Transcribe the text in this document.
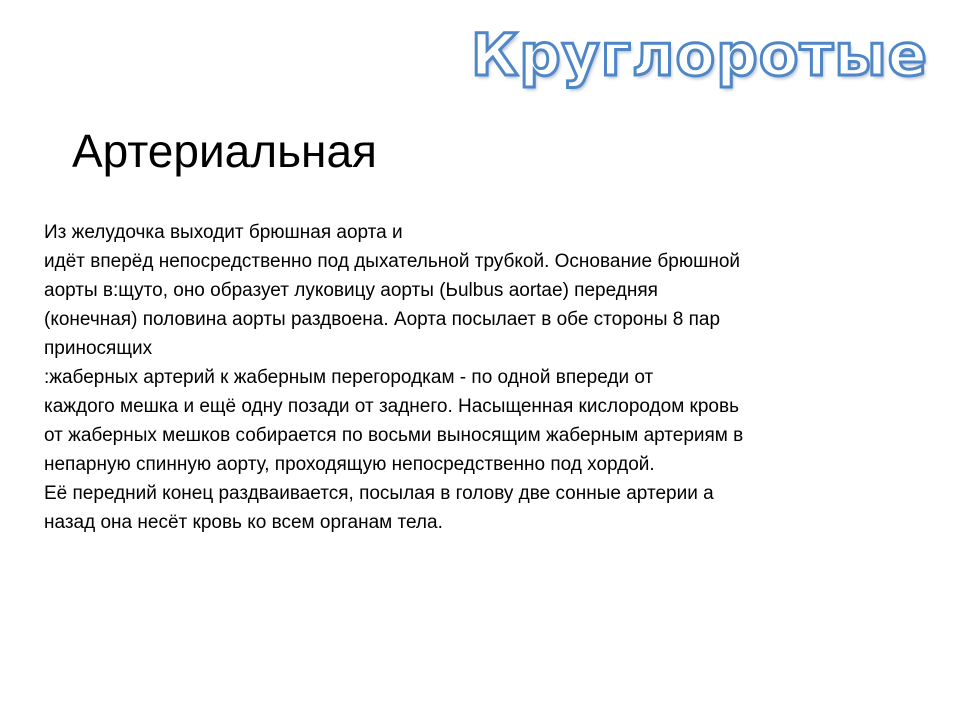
Круглоротые
Артериальная
Из желудочка выходит брюшная аорта и
идёт вперёд непосредственно под дыхательной трубкой. Основание брюшной
аорты в:щуто, оно образует луковицу аорты (Ьulbus aortae) передняя
(конечная) половина аорты раздвоена. Аорта посылает в обе стороны 8 пар
приносящих
:жаберных артерий к жаберным перегородкам - по одной впереди от
каждого мешка и ещё одну позади от заднего. Насыщенная кислородом кровь
от жаберных мешков собирается по восьми выносящим жаберным артериям в
непарную спинную аорту, проходящую непосредственно под хордой.
Её передний конец раздваивается, посылая в голову две сонные артерии а
назад она несёт кровь ко всем органам тела.
